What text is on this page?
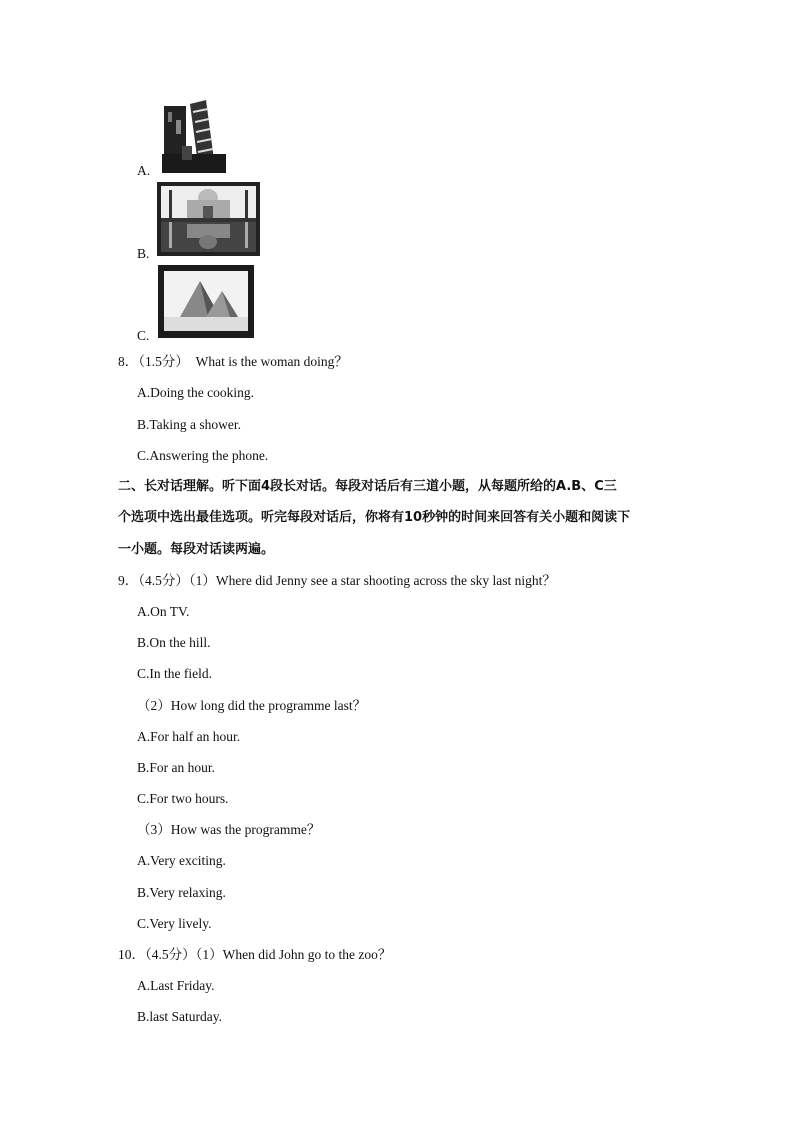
A.
B.
C.
8．（1.5分）　What is the woman doing？
A.Doing the cooking.
B.Taking a shower.
C.Answering the phone.
二、长对话理解。听下面4段长对话。每段对话后有三道小题，从每题所给的A.B、C三
个选项中选出最佳选项。听完每段对话后，你将有10秒钟的时间来回答有关小题和阅读下
一小题。每段对话读两遍。
9．（4.5分）（1）Where did Jenny see a star shooting across the sky last night？
A.On TV.
B.On the hill.
C.In the field.
（2）How long did the programme last？
A.For half an hour.
B.For an hour.
C.For two hours.
（3）How was the programme？
A.Very exciting.
B.Very relaxing.
C.Very lively.
10．（4.5分）（1）When did John go to the zoo？
A.Last Friday.
B.last Saturday.
